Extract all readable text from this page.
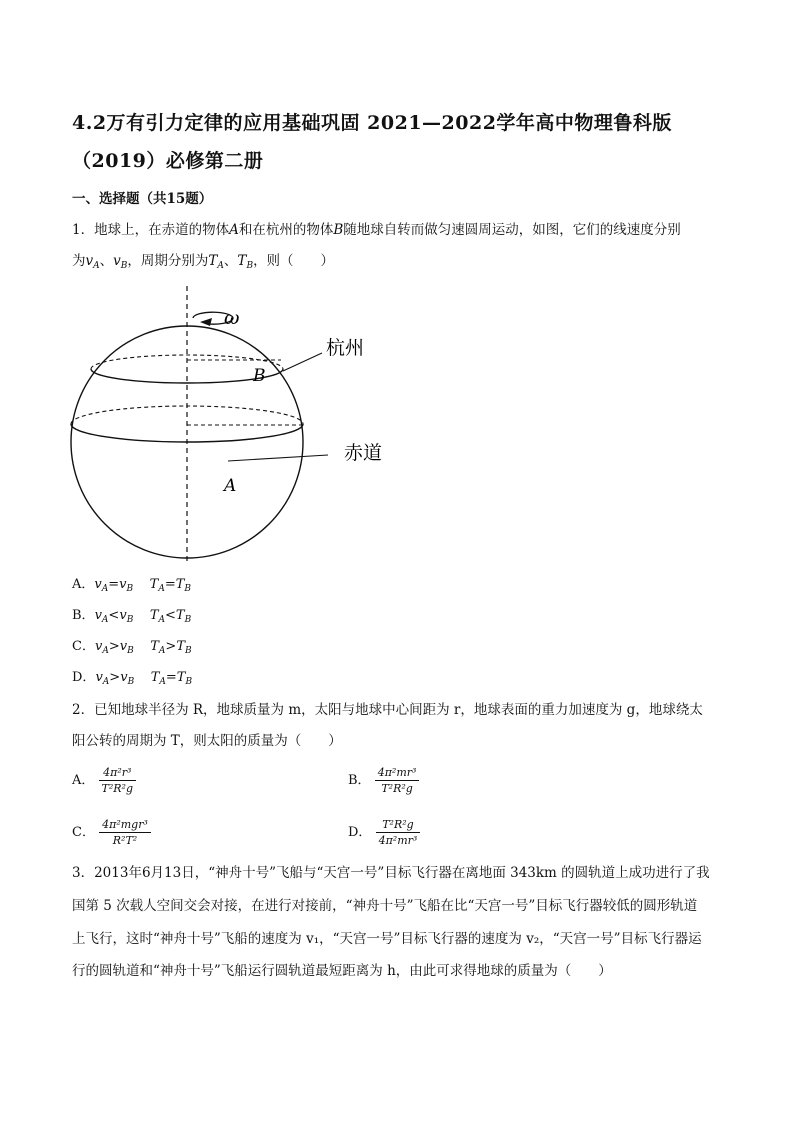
4.2万有引力定律的应用基础巩固 2021—2022学年高中物理鲁科版
（2019）必修第二册
一、选择题（共15题）
1．地球上，在赤道的物体A和在杭州的物体B随地球自转而做匀速圆周运动，如图，它们的线速度分别
为$v_A$、$v_B$，周期分别为$T_A$、$T_B$，则（　　）
ω
杭州
赤道
B
A
A．$v_A=v_B$ $T_A=T_B$
B．$v_A<v_B$ $T_A<T_B$
C．$v_A>v_B$ $T_A>T_B$
D．$v_A>v_B$ $T_A=T_B$
2．已知地球半径为 R，地球质量为 m，太阳与地球中心间距为 r，地球表面的重力加速度为 g，地球绕太
阳公转的周期为 T，则太阳的质量为（　　）
A． $\frac{\text{4π²r³}}{\text{T²R²g}}$	B． $\frac{\text{4π²mr³}}{\text{T²R²g}}$
C． $\frac{\text{4π²mgr³}}{\text{R²T²}}$	D． $\frac{\text{T²R²g}}{\text{4π²mr³}}$
3．2013年6月13日，“神舟十号”飞船与“天宫一号”目标飞行器在离地面 343km 的圆轨道上成功进行了我
国第 5 次载人空间交会对接，在进行对接前，“神舟十号”飞船在比“天宫一号”目标飞行器较低的圆形轨道
上飞行，这时“神舟十号”飞船的速度为 v₁，“天宫一号”目标飞行器的速度为 v₂，“天宫一号”目标飞行器运
行的圆轨道和“神舟十号”飞船运行圆轨道最短距离为 h，由此可求得地球的质量为（　　）
